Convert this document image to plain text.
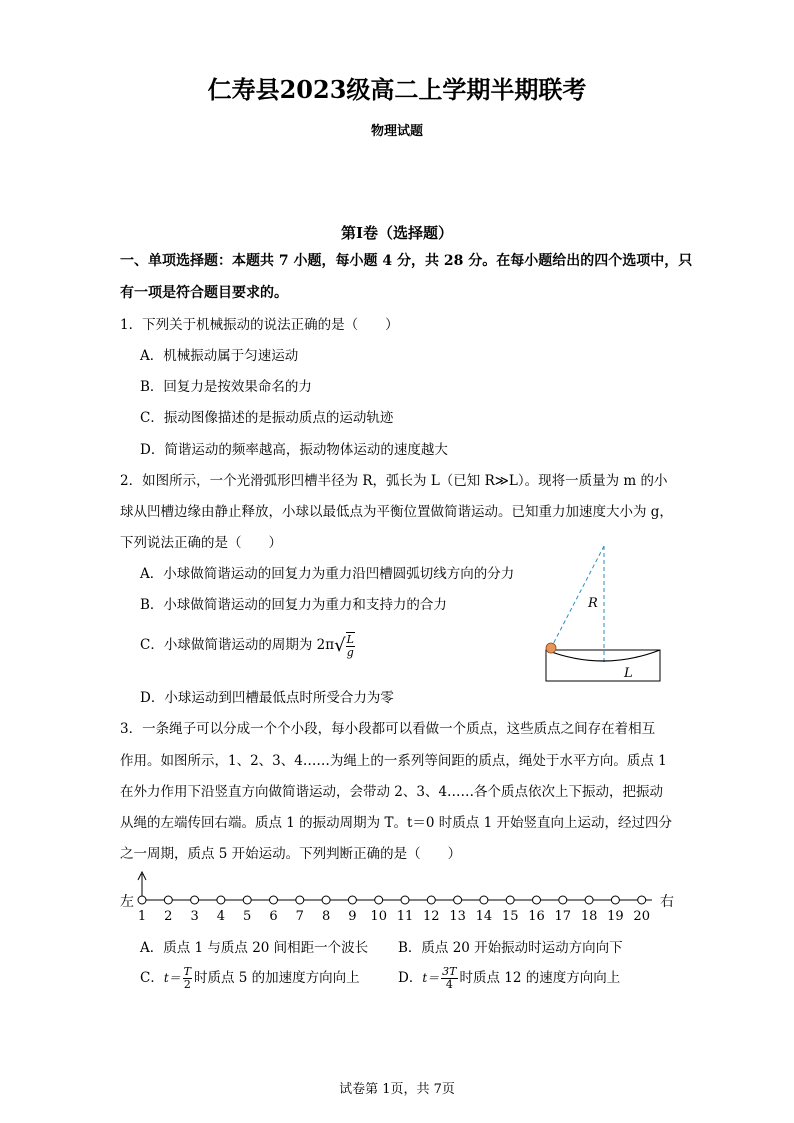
仁寿县2023级高二上学期半期联考
物理试题
第Ⅰ卷（选择题）
一、单项选择题：本题共 7 小题，每小题 4 分，共 28 分。在每小题给出的四个选项中，只
有一项是符合题目要求的。
1．下列关于机械振动的说法正确的是（　　）
A．机械振动属于匀速运动
B．回复力是按效果命名的力
C．振动图像描述的是振动质点的运动轨迹
D．简谐运动的频率越高，振动物体运动的速度越大
2．如图所示，一个光滑弧形凹槽半径为 R，弧长为 L（已知 R≫L）。现将一质量为 m 的小
球从凹槽边缘由静止释放，小球以最低点为平衡位置做简谐运动。已知重力加速度大小为 g，
下列说法正确的是（　　）
A．小球做简谐运动的回复力为重力沿凹槽圆弧切线方向的分力
B．小球做简谐运动的回复力为重力和支持力的合力
C．小球做简谐运动的周期为 $2\pi√ \frac{L}{g}$
D．小球运动到凹槽最低点时所受合力为零
R
L
3．一条绳子可以分成一个个小段，每小段都可以看做一个质点，这些质点之间存在着相互
作用。如图所示，1、2、3、4……为绳上的一系列等间距的质点，绳处于水平方向。质点 1
在外力作用下沿竖直方向做简谐运动，会带动 2、3、4……各个质点依次上下振动，把振动
从绳的左端传回右端。质点 1 的振动周期为 T。t＝0 时质点 1 开始竖直向上运动，经过四分
之一周期，质点 5 开始运动。下列判断正确的是（　　）
左	右
1 2 3 4 5 6 7 8 9 10 11 12 13 14 15 16 17 18 19 20
A．质点 1 与质点 20 间相距一个波长 B．质点 20 开始振动时运动方向向下
C．$t= \frac{T}{2}$ 时质点 5 的加速度方向向上	D．$t= \frac{3T}{4}$ 时质点 12 的速度方向向上
试卷第 1页，共 7页
